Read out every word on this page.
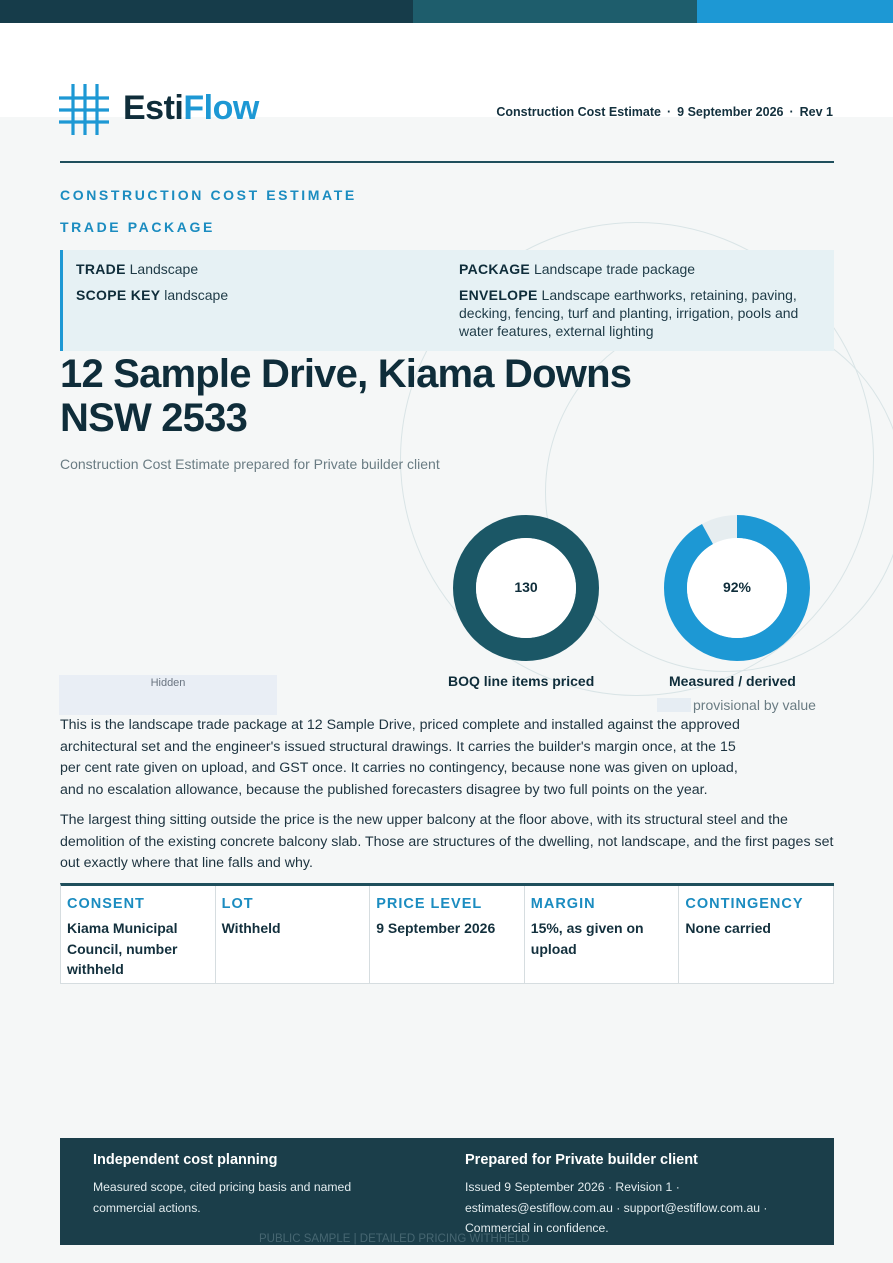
EstiFlow	Construction Cost Estimate · 9 September 2026 · Rev 1
CONSTRUCTION COST ESTIMATE
TRADE PACKAGE
TRADE Landscape
SCOPE KEY landscape
PACKAGE Landscape trade package
ENVELOPE Landscape earthworks, retaining, paving, decking, fencing, turf and planting, irrigation, pools and water features, external lighting
12 Sample Drive, Kiama Downs
NSW 2533
Construction Cost Estimate prepared for Private builder client
130
BOQ line items priced
92%
Measured / derived
Hidden
provisional by value

This is the landscape trade package at 12 Sample Drive, priced complete and installed against the approved architectural set and the engineer's issued structural drawings. It carries the builder's margin once, at the 15 per cent rate given on upload, and GST once. It carries no contingency, because none was given on upload, and no escalation allowance, because the published forecasters disagree by two full points on the year.

The largest thing sitting outside the price is the new upper balcony at the floor above, with its structural steel and the demolition of the existing concrete balcony slab. Those are structures of the dwelling, not landscape, and the first pages set out exactly where that line falls and why.

CONSENT
Kiama Municipal Council, number withheld
LOT
Withheld
PRICE LEVEL
9 September 2026
MARGIN
15%, as given on upload
CONTINGENCY
None carried
Independent cost planning
Measured scope, cited pricing basis and named commercial actions.
Prepared for Private builder client
Issued 9 September 2026 · Revision 1 · estimates@estiflow.com.au · support@estiflow.com.au · Commercial in confidence.
PUBLIC SAMPLE | DETAILED PRICING WITHHELD
